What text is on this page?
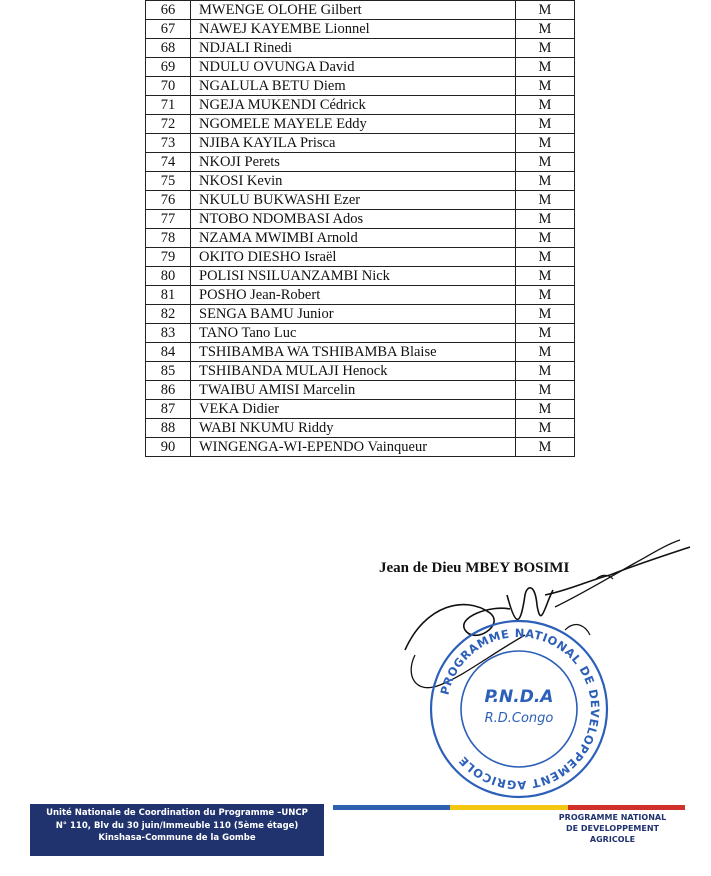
66	MWENGE OLOHE Gilbert	M
67	NAWEJ KAYEMBE Lionnel	M
68	NDJALI Rinedi	M
69	NDULU OVUNGA David	M
70	NGALULA BETU Diem	M
71	NGEJA MUKENDI Cédrick	M
72	NGOMELE MAYELE Eddy	M
73	NJIBA KAYILA Prisca	M
74	NKOJI Perets	M
75	NKOSI Kevin	M
76	NKULU BUKWASHI Ezer	M
77	NTOBO NDOMBASI Ados	M
78	NZAMA MWIMBI Arnold	M
79	OKITO DIESHO Israël	M
80	POLISI NSILUANZAMBI Nick	M
81	POSHO Jean-Robert	M
82	SENGA BAMU Junior	M
83	TANO Tano Luc	M
84	TSHIBAMBA WA TSHIBAMBA Blaise	M
85	TSHIBANDA MULAJI Henock	M
86	TWAIBU AMISI Marcelin	M
87	VEKA Didier	M
88	WABI NKUMU Riddy	M
90	WINGENGA-WI-EPENDO Vainqueur	M
Jean de Dieu MBEY BOSIMI
PROGRAMME NATIONAL DE DEVELOPPEMENT AGRICOLE
P.N.D.A
R.D.Congo
Unité Nationale de Coordination du Programme –UNCP
N° 110, Blv du 30 juin/Immeuble 110 (5ème étage)
Kinshasa-Commune de la Gombe
PROGRAMME NATIONAL
DE DEVELOPPEMENT
AGRICOLE
